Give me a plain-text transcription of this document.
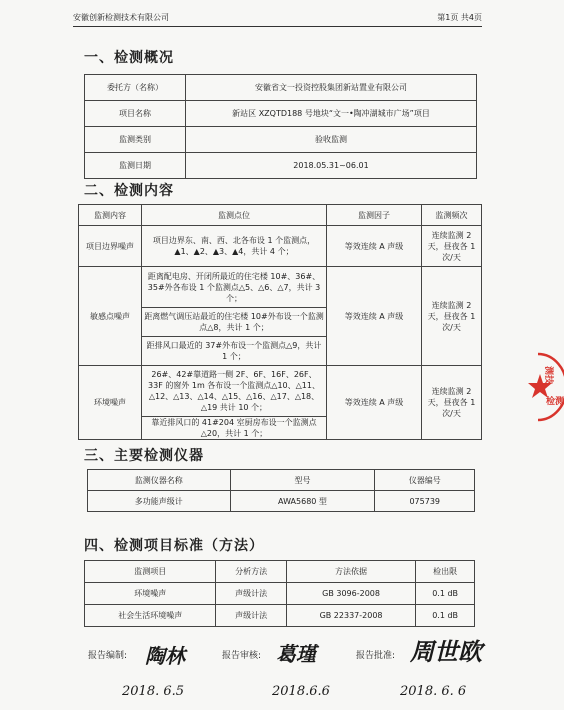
安徽创新检测技术有限公司	第1页 共4页
一、检测概况
委托方（名称）	安徽省文一投资控股集团新站置业有限公司
项目名称	新站区 XZQTD188 号地块“文一•陶冲湖城市广场”项目
监测类别	验收监测
监测日期	2018.05.31~06.01
二、检测内容
监测内容	监测点位	监测因子	监测频次
项目边界噪声	项目边界东、南、西、北各布设 1 个监测点，▲1、▲2、▲3、▲4，共计 4 个；	等效连续 A 声级	连续监测 2 天，昼夜各 1 次/天
敏感点噪声	距离配电房、开闭所最近的住宅楼 10#、36#、35#外各布设 1 个监测点△5、△6、△7，共计 3 个；	等效连续 A 声级	连续监测 2 天，昼夜各 1 次/天
	距离燃气调压站最近的住宅楼 10#外布设一个监测点△8，共计 1 个；		
	距排风口最近的 37#外布设一个监测点△9，共计 1 个；		
环境噪声	26#、42#靠道路一侧 2F、6F、16F、26F、33F 的窗外 1m 各布设一个监测点△10、△11、△12、△13、△14、△15、△16、△17、△18、△19 共计 10 个；	等效连续 A 声级	连续监测 2 天，昼夜各 1 次/天
	靠近排风口的 41#204 室厨房布设一个监测点△20，共计 1 个；		
三、主要检测仪器
监测仪器名称	型号	仪器编号
多功能声级计	AWA5680 型	075739
四、检测项目标准（方法）
监测项目	分析方法	方法依据	检出限
环境噪声	声级计法	GB 3096-2008	0.1 dB
社会生活环境噪声	声级计法	GB 22337-2008	0.1 dB
报告编制: 陶林	报告审核: 葛瑾	报告批准: 周世欧
2018. 6.5	2018.6.6	2018. 6. 6
测技
检测
